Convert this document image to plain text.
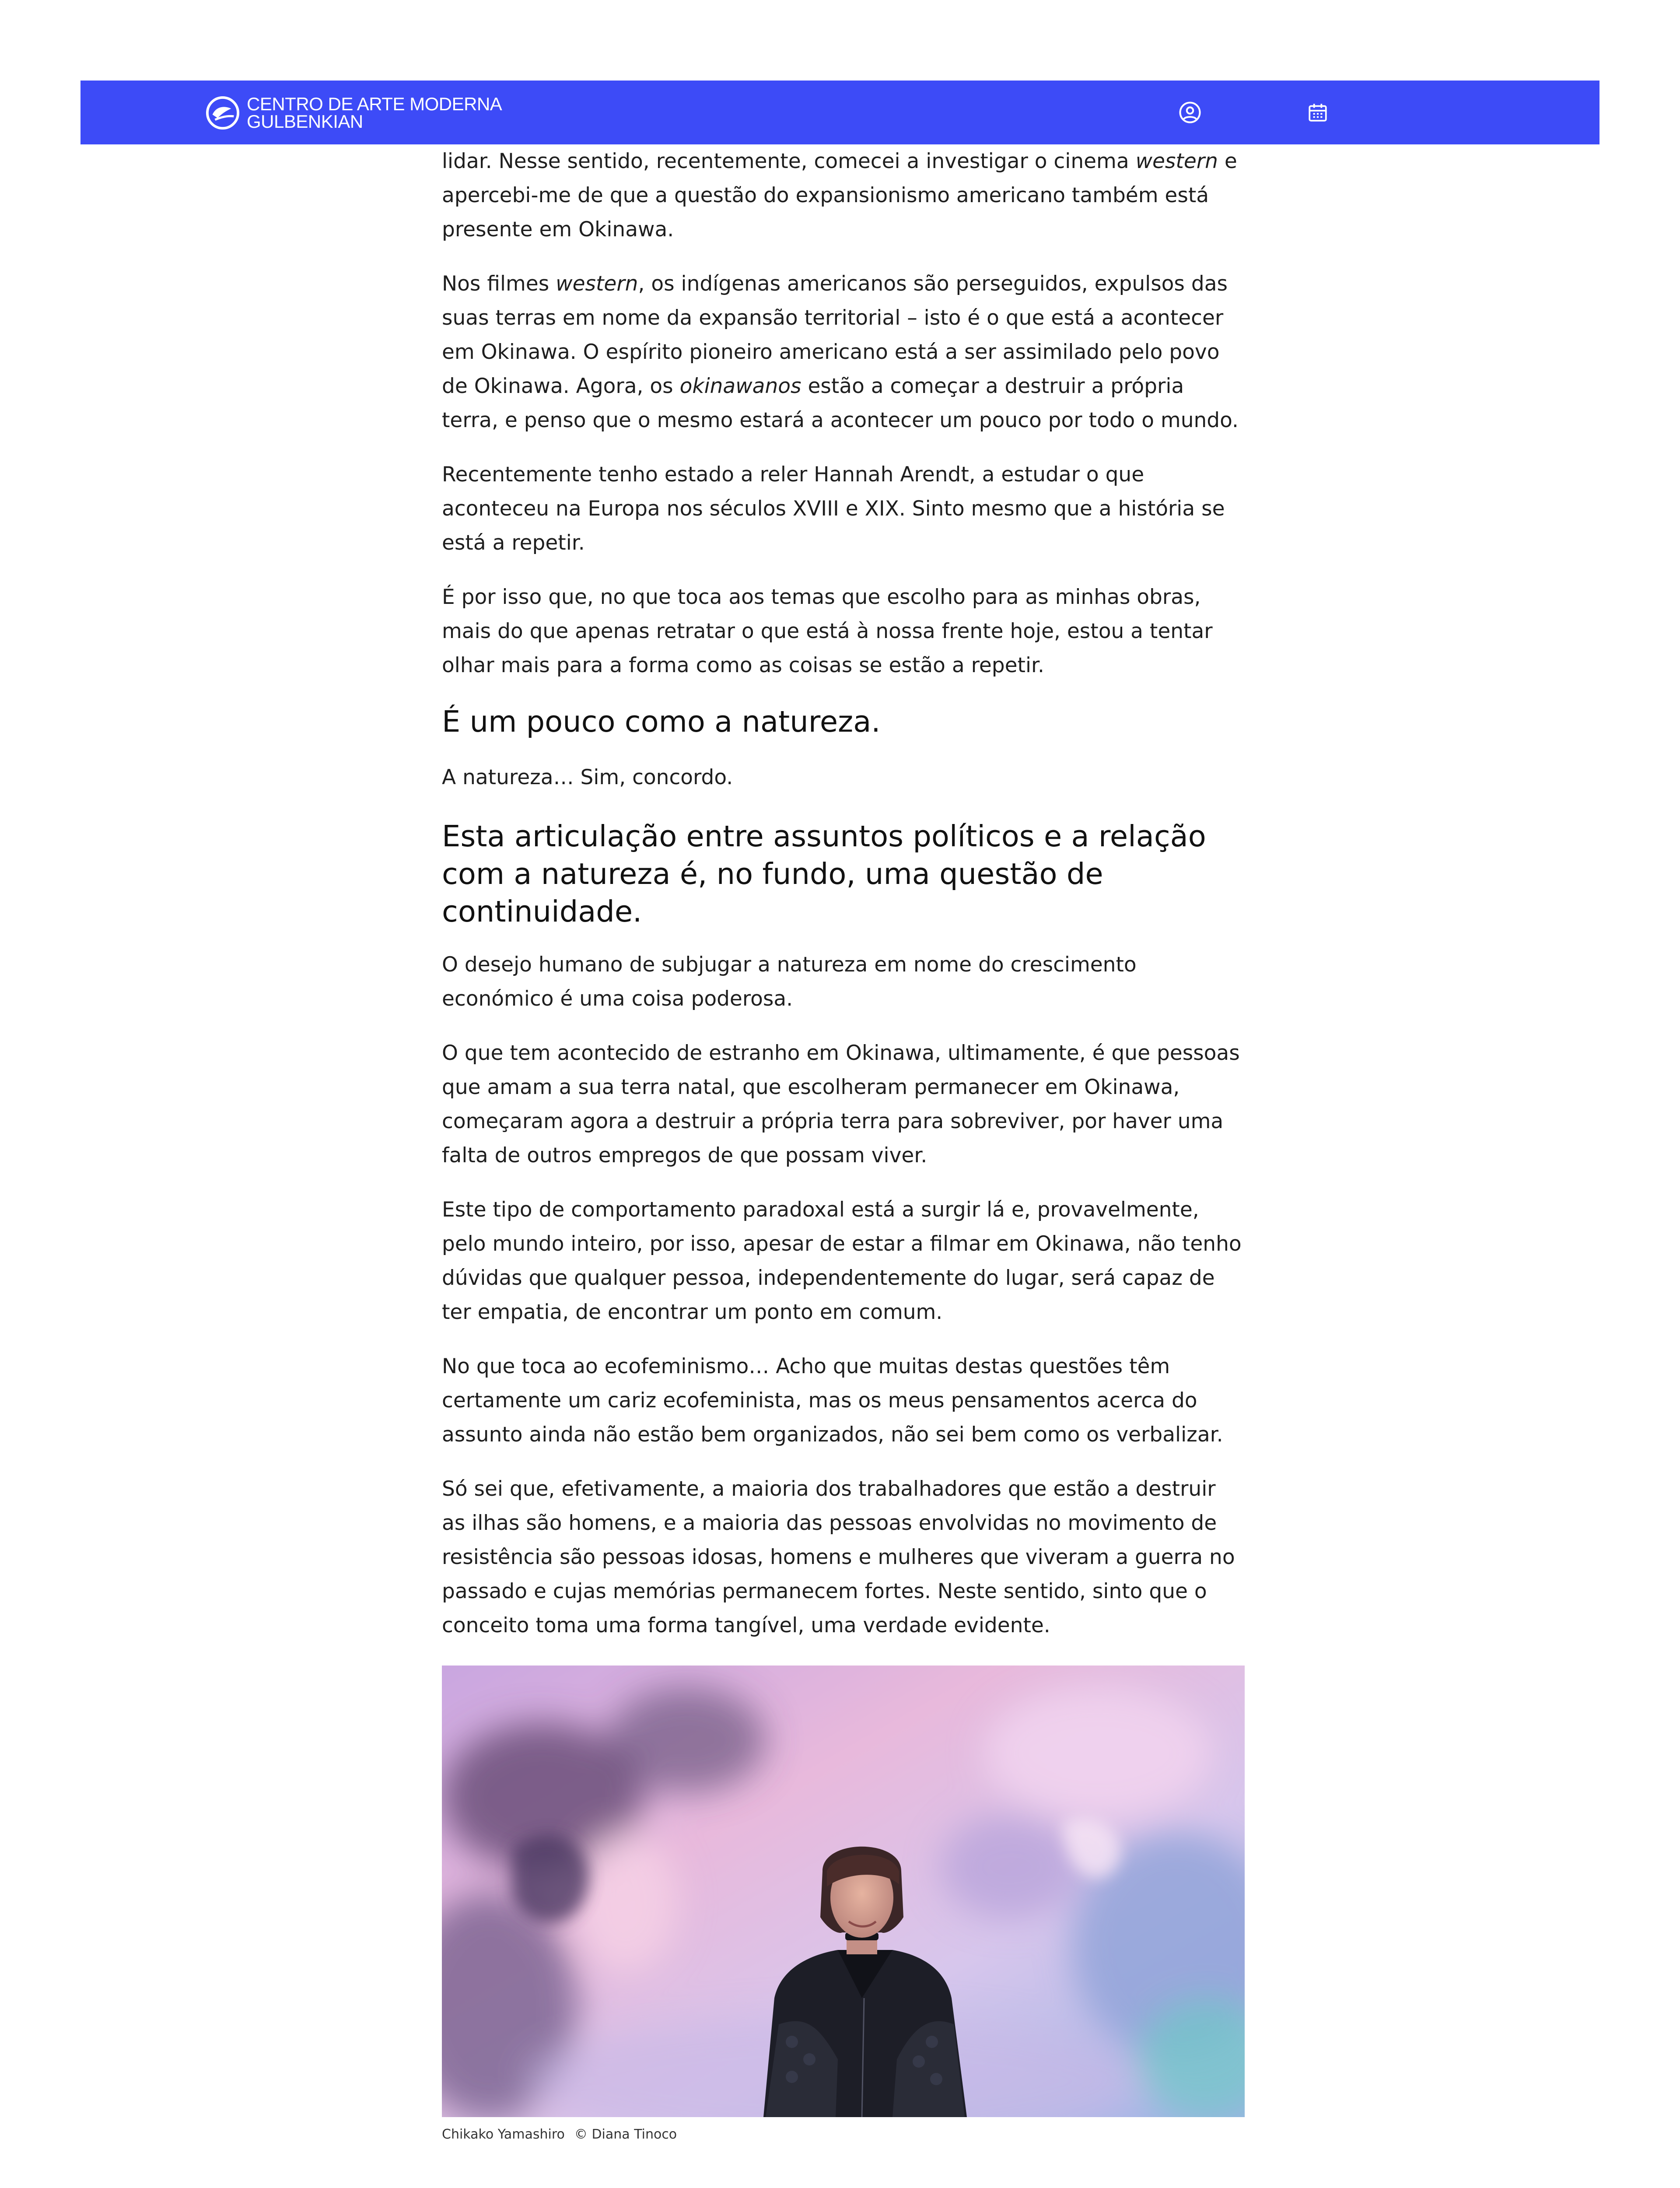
CENTRO DE ARTE MODERNA
GULBENKIAN

lidar. Nesse sentido, recentemente, comecei a investigar o cinema western e apercebi-me de que a questão do expansionismo americano também está presente em Okinawa.

Nos filmes western, os indígenas americanos são perseguidos, expulsos das suas terras em nome da expansão territorial – isto é o que está a acontecer em Okinawa. O espírito pioneiro americano está a ser assimilado pelo povo de Okinawa. Agora, os okinawanos estão a começar a destruir a própria terra, e penso que o mesmo estará a acontecer um pouco por todo o mundo.

Recentemente tenho estado a reler Hannah Arendt, a estudar o que aconteceu na Europa nos séculos XVIII e XIX. Sinto mesmo que a história se está a repetir.

É por isso que, no que toca aos temas que escolho para as minhas obras, mais do que apenas retratar o que está à nossa frente hoje, estou a tentar olhar mais para a forma como as coisas se estão a repetir.

É um pouco como a natureza.

A natureza… Sim, concordo.

Esta articulação entre assuntos políticos e a relação com a natureza é, no fundo, uma questão de continuidade.

O desejo humano de subjugar a natureza em nome do crescimento económico é uma coisa poderosa.

O que tem acontecido de estranho em Okinawa, ultimamente, é que pessoas que amam a sua terra natal, que escolheram permanecer em Okinawa, começaram agora a destruir a própria terra para sobreviver, por haver uma falta de outros empregos de que possam viver.

Este tipo de comportamento paradoxal está a surgir lá e, provavelmente, pelo mundo inteiro, por isso, apesar de estar a filmar em Okinawa, não tenho dúvidas que qualquer pessoa, independentemente do lugar, será capaz de ter empatia, de encontrar um ponto em comum.

No que toca ao ecofeminismo… Acho que muitas destas questões têm certamente um cariz ecofeminista, mas os meus pensamentos acerca do assunto ainda não estão bem organizados, não sei bem como os verbalizar.

Só sei que, efetivamente, a maioria dos trabalhadores que estão a destruir as ilhas são homens, e a maioria das pessoas envolvidas no movimento de resistência são pessoas idosas, homens e mulheres que viveram a guerra no passado e cujas memórias permanecem fortes. Neste sentido, sinto que o conceito toma uma forma tangível, uma verdade evidente.

Chikako Yamashiro © Diana Tinoco
